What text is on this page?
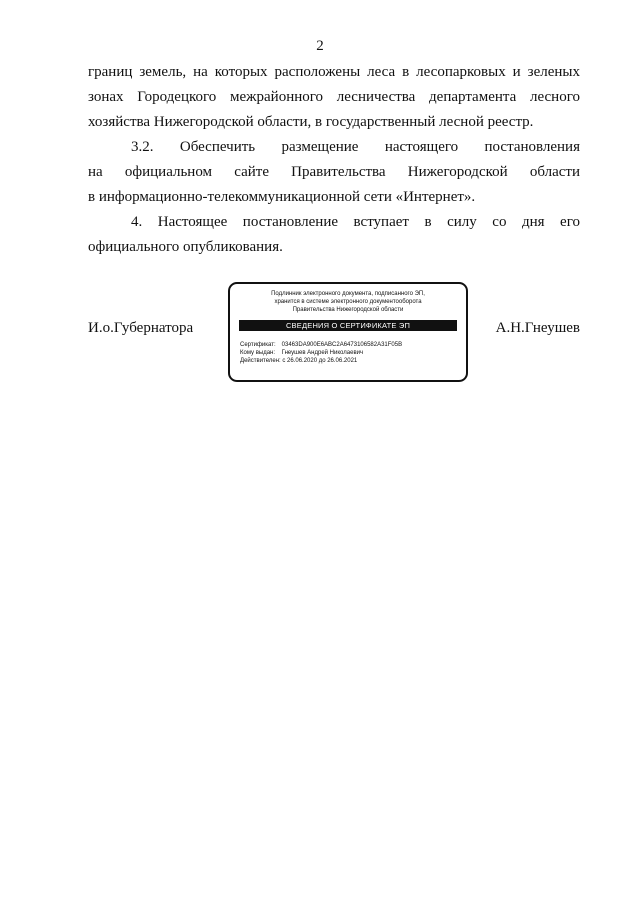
2

границ земель, на которых расположены леса в лесопарковых и зеленых
зонах Городецкого межрайонного лесничества департамента лесного
хозяйства Нижегородской области, в государственный лесной реестр.

3.2. Обеспечить размещение настоящего постановления
на официальном сайте Правительства Нижегородской области
в информационно-телекоммуникационной сети «Интернет».

4. Настоящее постановление вступает в силу со дня его
официального опубликования.

И.о.Губернатора
Подлинник электронного документа, подписанного ЭП,
хранится в системе электронного документооборота
Правительства Нижегородской области
СВЕДЕНИЯ О СЕРТИФИКАТЕ ЭП
Сертификат: 03463DA900E6ABC2A6473106582A31F05B
Кому выдан: Гнеушев Андрей Николаевич
Действителен: с 26.06.2020 до 26.06.2021
А.Н.Гнеушев
